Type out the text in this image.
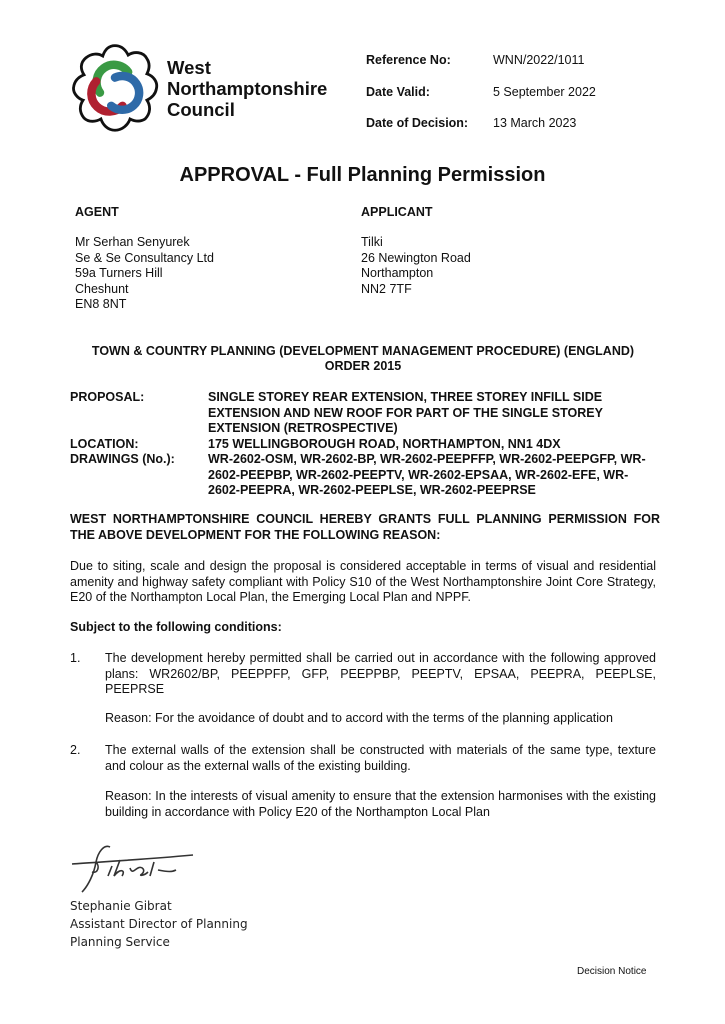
West
Northamptonshire
Council
Reference No:	WNN/2022/1011
Date Valid:	5 September 2022
Date of Decision: 13 March 2023
APPROVAL - Full Planning Permission
AGENT
Mr Serhan Senyurek
Se & Se Consultancy Ltd
59a Turners Hill
Cheshunt
EN8 8NT
APPLICANT
Tilki
26 Newington Road
Northampton
NN2 7TF
TOWN & COUNTRY PLANNING (DEVELOPMENT MANAGEMENT PROCEDURE) (ENGLAND)
ORDER 2015
PROPOSAL:	SINGLE STOREY REAR EXTENSION, THREE STOREY INFILL SIDE EXTENSION AND NEW ROOF FOR PART OF THE SINGLE STOREY EXTENSION (RETROSPECTIVE)
LOCATION:	175 WELLINGBOROUGH ROAD, NORTHAMPTON, NN1 4DX
DRAWINGS (No.):	WR-2602-OSM, WR-2602-BP, WR-2602-PEEPFFP, WR-2602-PEEPGFP, WR-2602-PEEPBP, WR-2602-PEEPTV, WR-2602-EPSAA, WR-2602-EFE, WR-2602-PEEPRA, WR-2602-PEEPLSE, WR-2602-PEEPRSE
WEST NORTHAMPTONSHIRE COUNCIL HEREBY GRANTS FULL PLANNING PERMISSION FOR THE ABOVE DEVELOPMENT FOR THE FOLLOWING REASON:
Due to siting, scale and design the proposal is considered acceptable in terms of visual and residential amenity and highway safety compliant with Policy S10 of the West Northamptonshire Joint Core Strategy, E20 of the Northampton Local Plan, the Emerging Local Plan and NPPF.
Subject to the following conditions:
1. The development hereby permitted shall be carried out in accordance with the following approved plans: WR2602/BP, PEEPPFP, GFP, PEEPPBP, PEEPTV, EPSAA, PEEPRA, PEEPLSE, PEEPRSE
Reason: For the avoidance of doubt and to accord with the terms of the planning application
2. The external walls of the extension shall be constructed with materials of the same type, texture and colour as the external walls of the existing building.
Reason: In the interests of visual amenity to ensure that the extension harmonises with the existing building in accordance with Policy E20 of the Northampton Local Plan
Stephanie Gibrat
Assistant Director of Planning
Planning Service
Decision Notice
